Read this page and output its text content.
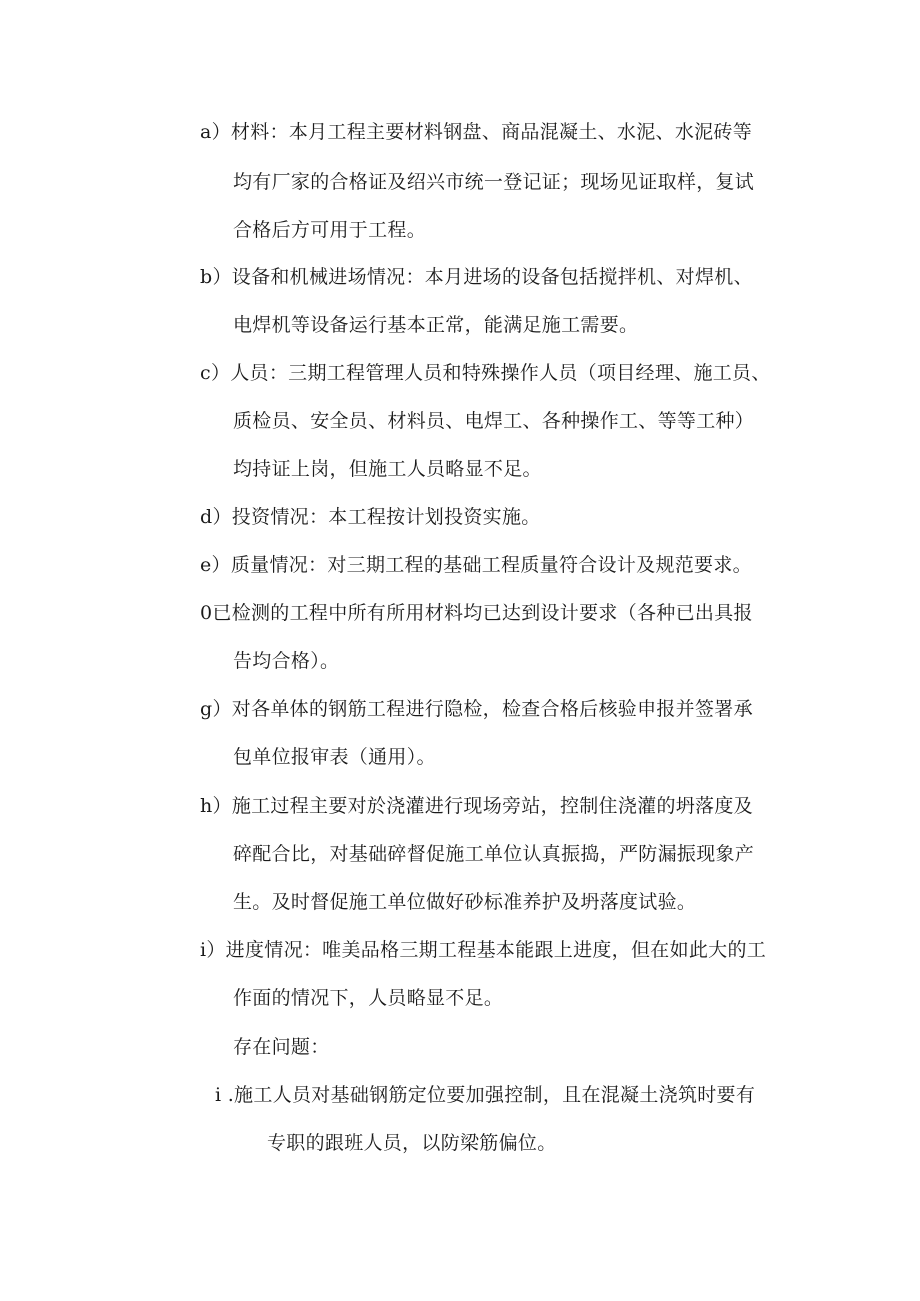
a）材料：本月工程主要材料钢盘、商品混凝土、水泥、水泥砖等
均有厂家的合格证及绍兴市统一登记证；现场见证取样，复试
合格后方可用于工程。
b）设备和机械进场情况：本月进场的设备包括搅拌机、对焊机、
电焊机等设备运行基本正常，能满足施工需要。
c）人员：三期工程管理人员和特殊操作人员（项目经理、施工员、
质检员、安全员、材料员、电焊工、各种操作工、等等工种）
均持证上岗，但施工人员略显不足。
d）投资情况：本工程按计划投资实施。
e）质量情况：对三期工程的基础工程质量符合设计及规范要求。
0已检测的工程中所有所用材料均已达到设计要求（各种已出具报
告均合格）。
g）对各单体的钢筋工程进行隐检，检查合格后核验申报并签署承
包单位报审表（通用）。
h）施工过程主要对於浇灌进行现场旁站，控制住浇灌的坍落度及
碎配合比，对基础碎督促施工单位认真振捣，严防漏振现象产
生。及时督促施工单位做好砂标准养护及坍落度试验。
i）进度情况：唯美品格三期工程基本能跟上进度，但在如此大的工
作面的情况下，人员略显不足。
存在问题：
i .施工人员对基础钢筋定位要加强控制，且在混凝土浇筑时要有
专职的跟班人员，以防梁筋偏位。
